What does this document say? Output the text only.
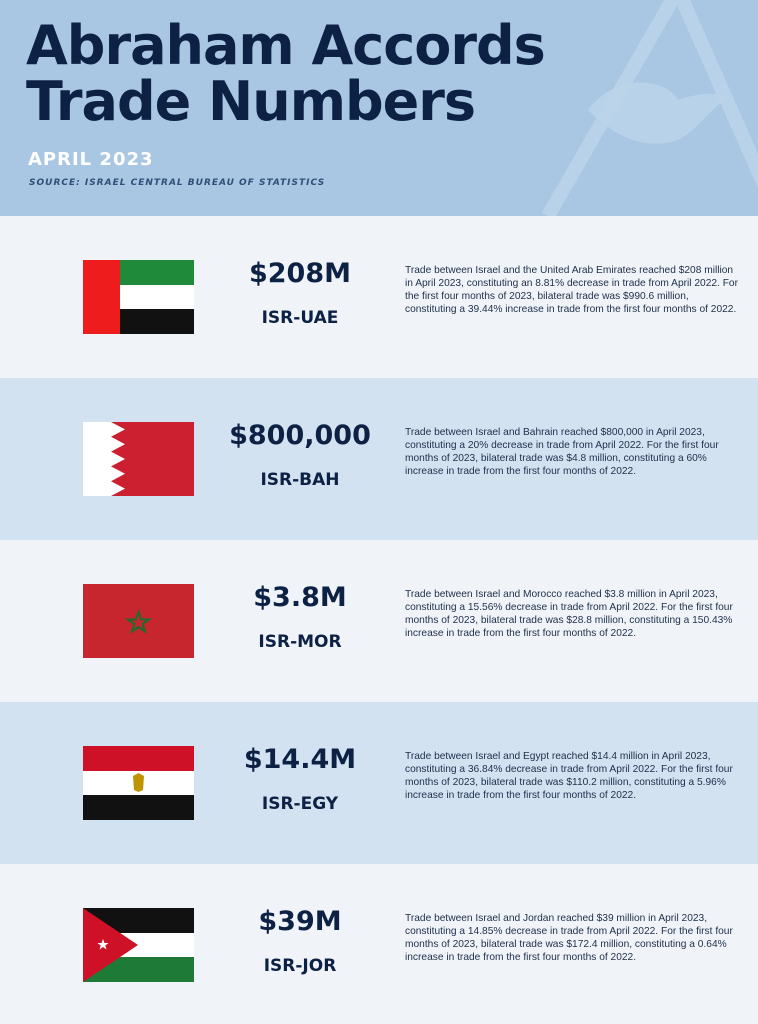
Abraham Accords
Trade Numbers
APRIL 2023
SOURCE: ISRAEL CENTRAL BUREAU OF STATISTICS
$208M
ISR-UAE
Trade between Israel and the United Arab Emirates reached $208 million in April 2023, constituting an 8.81% decrease in trade from April 2022. For the first four months of 2023, bilateral trade was $990.6 million, constituting a 39.44% increase in trade from the first four months of 2022.
$800,000
ISR-BAH
Trade between Israel and Bahrain reached $800,000 in April 2023, constituting a 20% decrease in trade from April 2022. For the first four months of 2023, bilateral trade was $4.8 million, constituting a 60% increase in trade from the first four months of 2022.
$3.8M
ISR-MOR
Trade between Israel and Morocco reached $3.8 million in April 2023, constituting a 15.56% decrease in trade from April 2022. For the first four months of 2023, bilateral trade was $28.8 million, constituting a 150.43% increase in trade from the first four months of 2022.
$14.4M
ISR-EGY
Trade between Israel and Egypt reached $14.4 million in April 2023, constituting a 36.84% decrease in trade from April 2022. For the first four months of 2023, bilateral trade was $110.2 million, constituting a 5.96% increase in trade from the first four months of 2022.
$39M
ISR-JOR
Trade between Israel and Jordan reached $39 million in April 2023, constituting a 14.85% decrease in trade from April 2022. For the first four months of 2023, bilateral trade was $172.4 million, constituting a 0.64% increase in trade from the first four months of 2022.
